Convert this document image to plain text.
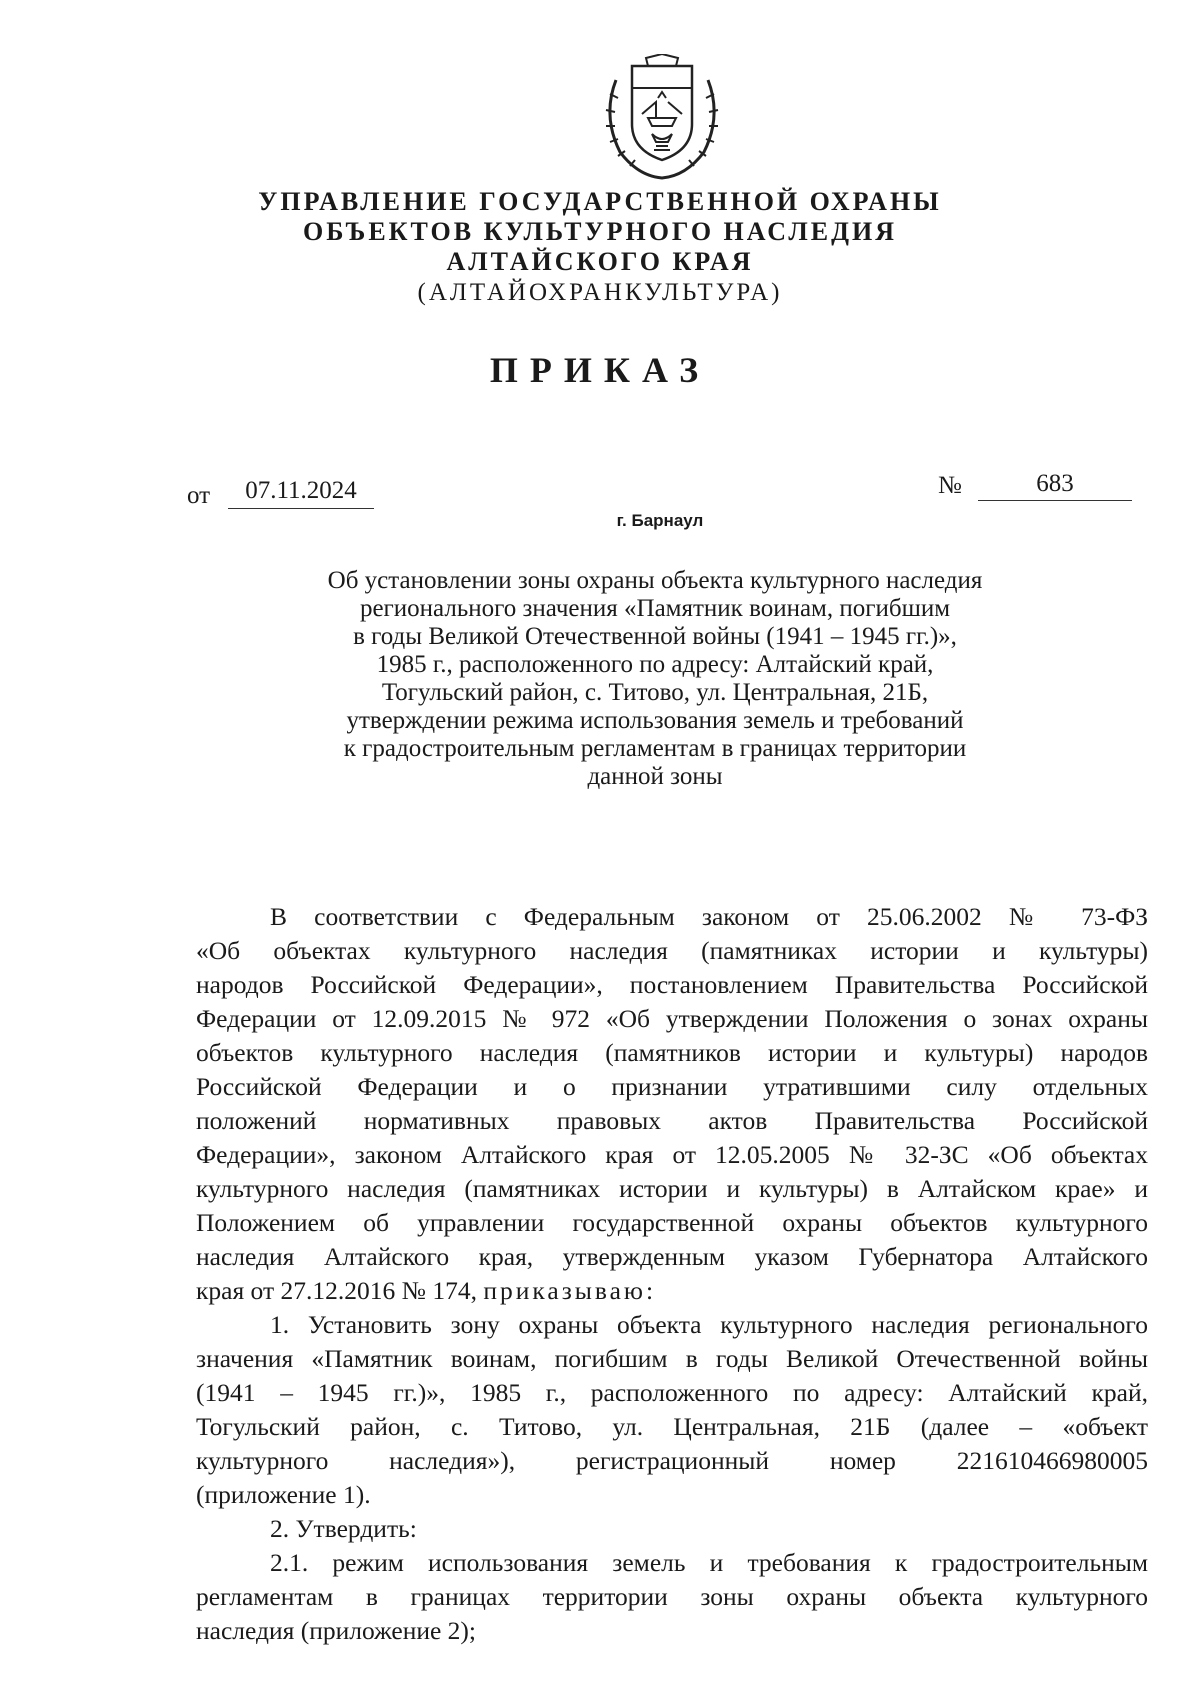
УПРАВЛЕНИЕ ГОСУДАРСТВЕННОЙ ОХРАНЫ
ОБЪЕКТОВ КУЛЬТУРНОГО НАСЛЕДИЯ
АЛТАЙСКОГО КРАЯ
(АЛТАЙОХРАНКУЛЬТУРА)
ПРИКАЗ
от	07.11.2024	№	683
г. Барнаул
Об установлении зоны охраны объекта культурного наследия
регионального значения «Памятник воинам, погибшим
в годы Великой Отечественной войны (1941 – 1945 гг.)»,
1985 г., расположенного по адресу: Алтайский край,
Тогульский район, с. Титово, ул. Центральная, 21Б,
утверждении режима использования земель и требований
к градостроительным регламентам в границах территории
данной зоны
В соответствии с Федеральным законом от 25.06.2002 № 73-ФЗ
«Об объектах культурного наследия (памятниках истории и культуры)
народов Российской Федерации», постановлением Правительства Российской
Федерации от 12.09.2015 № 972 «Об утверждении Положения о зонах охраны
объектов культурного наследия (памятников истории и культуры) народов
Российской Федерации и о признании утратившими силу отдельных
положений нормативных правовых актов Правительства Российской
Федерации», законом Алтайского края от 12.05.2005 № 32-ЗС «Об объектах
культурного наследия (памятниках истории и культуры) в Алтайском крае» и
Положением об управлении государственной охраны объектов культурного
наследия Алтайского края, утвержденным указом Губернатора Алтайского
края от 27.12.2016 № 174, приказываю:
1. Установить зону охраны объекта культурного наследия регионального
значения «Памятник воинам, погибшим в годы Великой Отечественной войны
(1941 – 1945 гг.)», 1985 г., расположенного по адресу: Алтайский край,
Тогульский район, с. Титово, ул. Центральная, 21Б (далее – «объект
культурного наследия»), регистрационный номер 221610466980005
(приложение 1).
2. Утвердить:
2.1. режим использования земель и требования к градостроительным
регламентам в границах территории зоны охраны объекта культурного
наследия (приложение 2);
